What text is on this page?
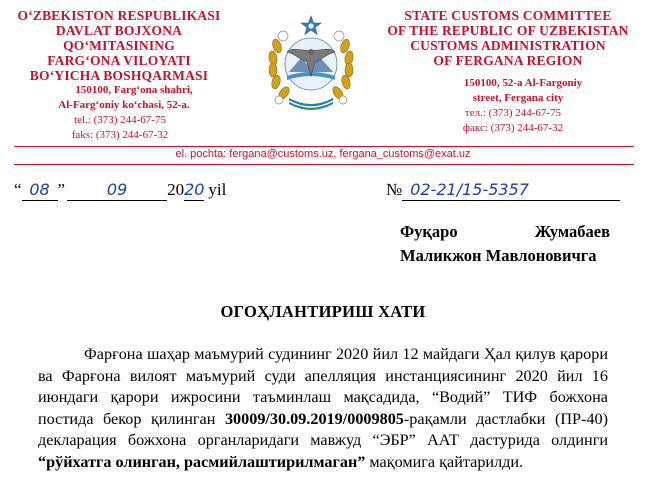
O‘ZBEKISTON RESPUBLIKASI
DAVLAT BOJXONA
QO‘MITASINING
FARG‘ONA VILOYATI
BO‘YICHA BOSHQARMASI
150100, Farg‘ona shahri,
Al-Farg‘oniy ko‘chasi, 52-a.
tel.: (373) 244-67-75
faks: (373) 244-67-32
STATE CUSTOMS COMMITTEE
OF THE REPUBLIC OF UZBEKISTAN
CUSTOMS ADMINISTRATION
OF FERGANA REGION
150100, 52-a Al-Fargoniy
street, Fergana city
тел.: (373) 244-67-75
факс: (373) 244-67-32
el. pochta: fergana@customs.uz, fergana_customs@exat.uz
“ 08 ”	09 2020 yil	№ 02-21/15-5357
Фуқаро	Жумабаев
Маликжон Мавлоновичга
ОГОҲЛАНТИРИШ ХАТИ

Фарғона шаҳар маъмурий судининг 2020 йил 12 майдаги Ҳал қилув қарори ва Фарғона вилоят маъмурий суди апелляция инстанциясининг 2020 йил 16 июндаги қарори ижросини таъминлаш мақсадида, “Водий” ТИФ божхона постида бекор қилинган 30009/30.09.2019/0009805-рақамли дастлабки (ПР-40) декларация божхона органларидаги мавжуд “ЭБР” ААТ дастурида олдинги “рўйхатга олинган, расмийлаштирилмаган” мақомига қайтарилди.
